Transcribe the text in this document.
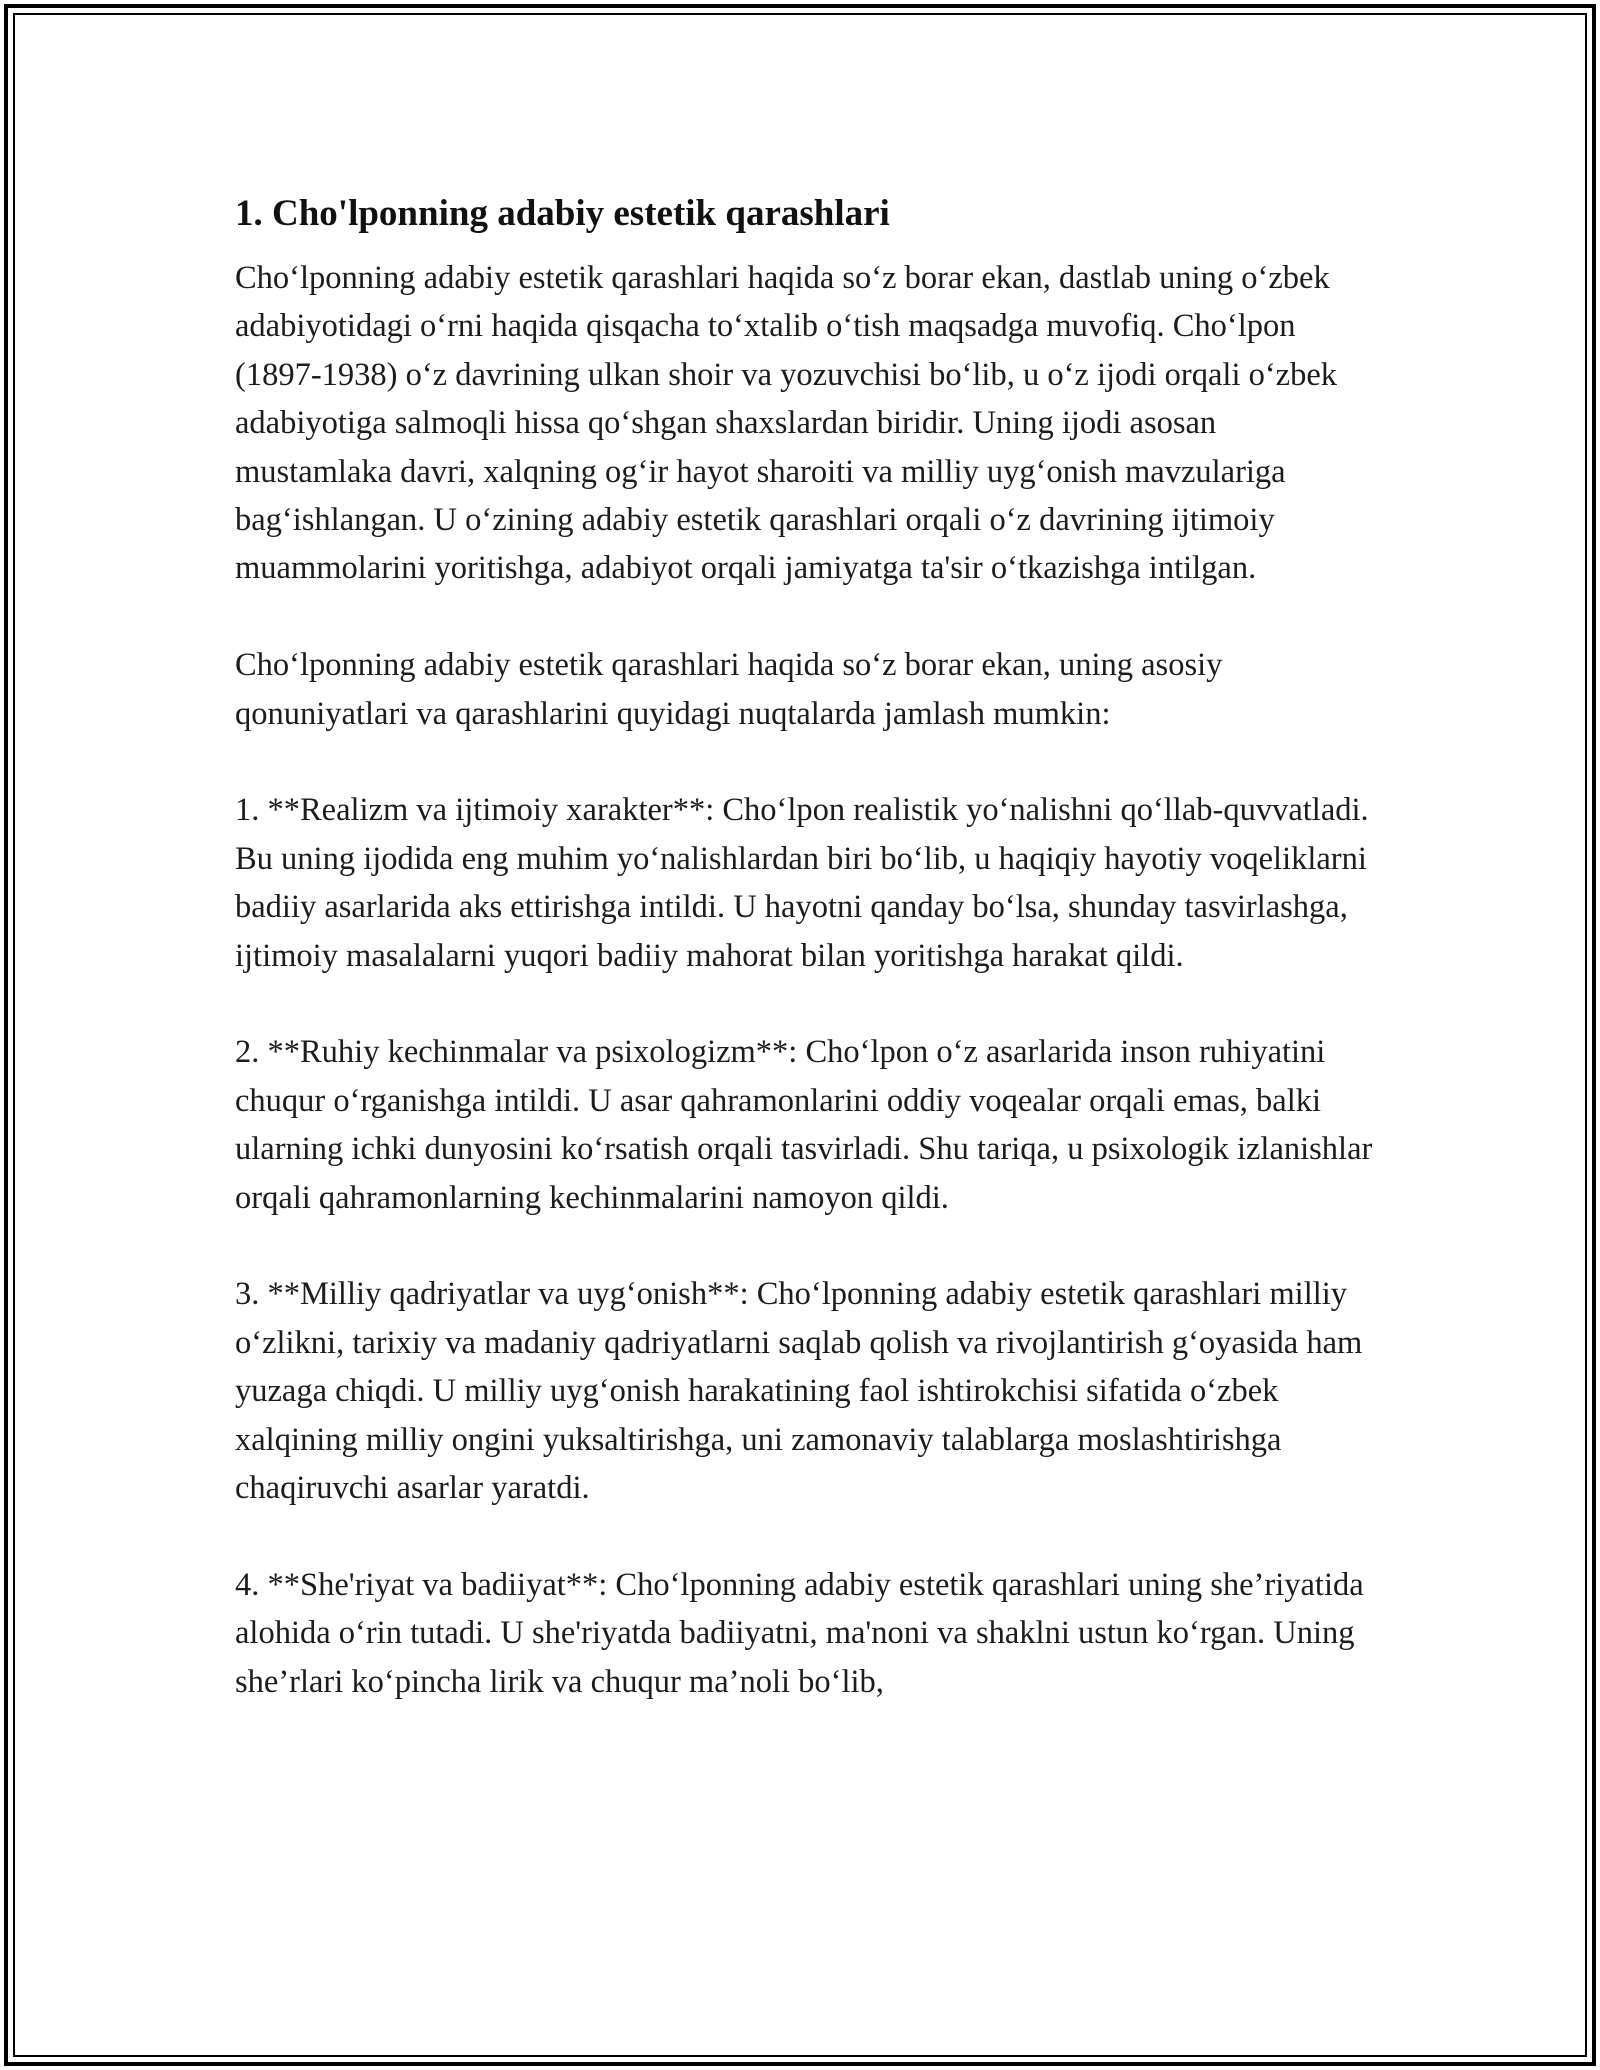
1. Cho'lponning adabiy estetik qarashlari

Cho‘lponning adabiy estetik qarashlari haqida so‘z borar ekan, dastlab uning o‘zbek adabiyotidagi o‘rni haqida qisqacha to‘xtalib o‘tish maqsadga muvofiq. Cho‘lpon (1897-1938) o‘z davrining ulkan shoir va yozuvchisi bo‘lib, u o‘z ijodi orqali o‘zbek adabiyotiga salmoqli hissa qo‘shgan shaxslardan biridir. Uning ijodi asosan mustamlaka davri, xalqning og‘ir hayot sharoiti va milliy uyg‘onish mavzulariga bag‘ishlangan. U o‘zining adabiy estetik qarashlari orqali o‘z davrining ijtimoiy muammolarini yoritishga, adabiyot orqali jamiyatga ta'sir o‘tkazishga intilgan.

Cho‘lponning adabiy estetik qarashlari haqida so‘z borar ekan, uning asosiy qonuniyatlari va qarashlarini quyidagi nuqtalarda jamlash mumkin:

1. **Realizm va ijtimoiy xarakter**: Cho‘lpon realistik yo‘nalishni qo‘llab-quvvatladi. Bu uning ijodida eng muhim yo‘nalishlardan biri bo‘lib, u haqiqiy hayotiy voqeliklarni badiiy asarlarida aks ettirishga intildi. U hayotni qanday bo‘lsa, shunday tasvirlashga, ijtimoiy masalalarni yuqori badiiy mahorat bilan yoritishga harakat qildi.

2. **Ruhiy kechinmalar va psixologizm**: Cho‘lpon o‘z asarlarida inson ruhiyatini chuqur o‘rganishga intildi. U asar qahramonlarini oddiy voqealar orqali emas, balki ularning ichki dunyosini ko‘rsatish orqali tasvirladi. Shu tariqa, u psixologik izlanishlar orqali qahramonlarning kechinmalarini namoyon qildi.

3. **Milliy qadriyatlar va uyg‘onish**: Cho‘lponning adabiy estetik qarashlari milliy o‘zlikni, tarixiy va madaniy qadriyatlarni saqlab qolish va rivojlantirish g‘oyasida ham yuzaga chiqdi. U milliy uyg‘onish harakatining faol ishtirokchisi sifatida o‘zbek xalqining milliy ongini yuksaltirishga, uni zamonaviy talablarga moslashtirishga chaqiruvchi asarlar yaratdi.

4. **She'riyat va badiiyat**: Cho‘lponning adabiy estetik qarashlari uning she’riyatida alohida o‘rin tutadi. U she'riyatda badiiyatni, ma'noni va shaklni ustun ko‘rgan. Uning she’rlari ko‘pincha lirik va chuqur ma’noli bo‘lib,
